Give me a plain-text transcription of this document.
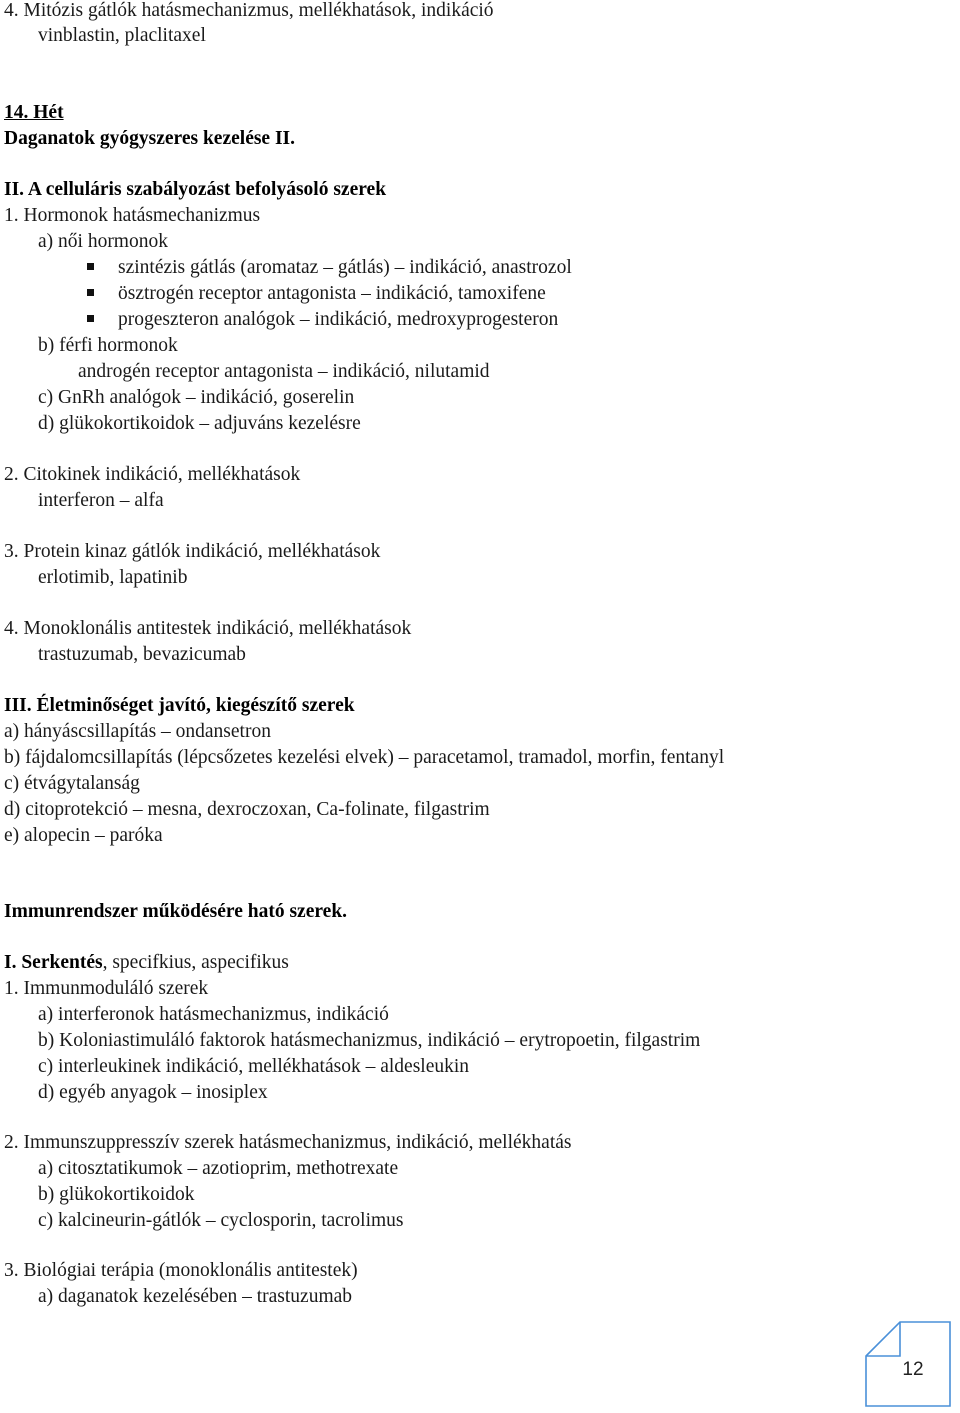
4. Mitózis gátlók hatásmechanizmus, mellékhatások, indikáció
vinblastin, placlitaxel
14. Hét
Daganatok gyógyszeres kezelése II.
II. A celluláris szabályozást befolyásoló szerek
1. Hormonok hatásmechanizmus
a) női hormonok
szintézis gátlás (aromataz – gátlás) – indikáció, anastrozol
ösztrogén receptor antagonista – indikáció, tamoxifene
progeszteron analógok – indikáció, medroxyprogesteron
b) férfi hormonok
androgén receptor antagonista – indikáció, nilutamid
c) GnRh analógok – indikáció, goserelin
d) glükokortikoidok – adjuváns kezelésre
2. Citokinek indikáció, mellékhatások
interferon – alfa
3. Protein kinaz gátlók indikáció, mellékhatások
erlotimib, lapatinib
4. Monoklonális antitestek indikáció, mellékhatások
trastuzumab, bevazicumab
III. Életminőséget javító, kiegészítő szerek
a) hányáscsillapítás – ondansetron
b) fájdalomcsillapítás (lépcsőzetes kezelési elvek) – paracetamol, tramadol, morfin, fentanyl
c) étvágytalanság
d) citoprotekció – mesna, dexroczoxan, Ca-folinate, filgastrim
e) alopecin – paróka
Immunrendszer működésére ható szerek.
I. Serkentés, specifkius, aspecifikus
1. Immunmoduláló szerek
a) interferonok hatásmechanizmus, indikáció
b) Koloniastimuláló faktorok hatásmechanizmus, indikáció – erytropoetin, filgastrim
c) interleukinek indikáció, mellékhatások – aldesleukin
d) egyéb anyagok – inosiplex
2. Immunszuppresszív szerek hatásmechanizmus, indikáció, mellékhatás
a) citosztatikumok – azotioprim, methotrexate
b) glükokortikoidok
c) kalcineurin-gátlók – cyclosporin, tacrolimus
3. Biológiai terápia (monoklonális antitestek)
a) daganatok kezelésében – trastuzumab
12
